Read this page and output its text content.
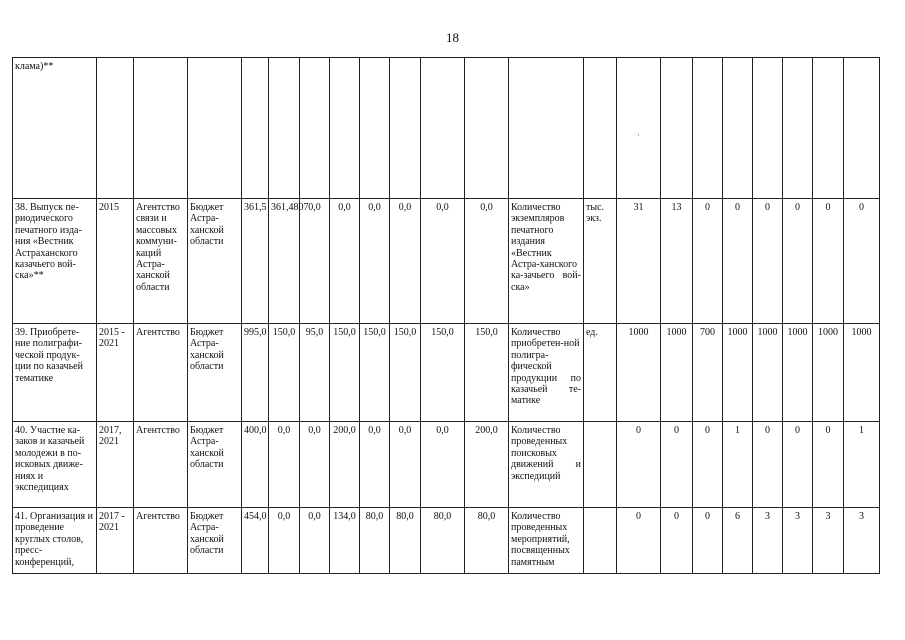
18
·
клама)**																					
38. Выпуск пе-риодического печатного изда-ния «Вестник Астраханского казачьего вой-ска»**	2015	Агентство связи и массовых коммуни-каций Астра-ханской области	Бюджет Астра-ханской области	361,5	361,4807	0,0	0,0	0,0	0,0	0,0	0,0	Количество экземпляров печатного издания «Вестник Астра-ханского ка-зачьего вой-ска»	тыс. экз.	31	13	0	0	0	0	0	0
39. Приобрете-ние полиграфи-ческой продук-ции по казачьей тематике	2015 - 2021	Агентство	Бюджет Астра-ханской области	995,0	150,0	95,0	150,0	150,0	150,0	150,0	150,0	Количество приобретен-ной полигра-фической продукции по казачьей те-матике	ед.	1000	1000	700	1000	1000	1000	1000	1000
40. Участие ка-заков и казачьей молодежи в по-исковых движе-ниях и экспедициях	2017, 2021	Агентство	Бюджет Астра-ханской области	400,0	0,0	0,0	200,0	0,0	0,0	0,0	200,0	Количество проведенных поисковых движений и экспедиций		0	0	0	1	0	0	0	1
41. Организация и проведение круглых столов, пресс-конференций,	2017 - 2021	Агентство	Бюджет Астра-ханской области	454,0	0,0	0,0	134,0	80,0	80,0	80,0	80,0	Количество проведенных мероприятий, посвященных памятным		0	0	0	6	3	3	3	3
